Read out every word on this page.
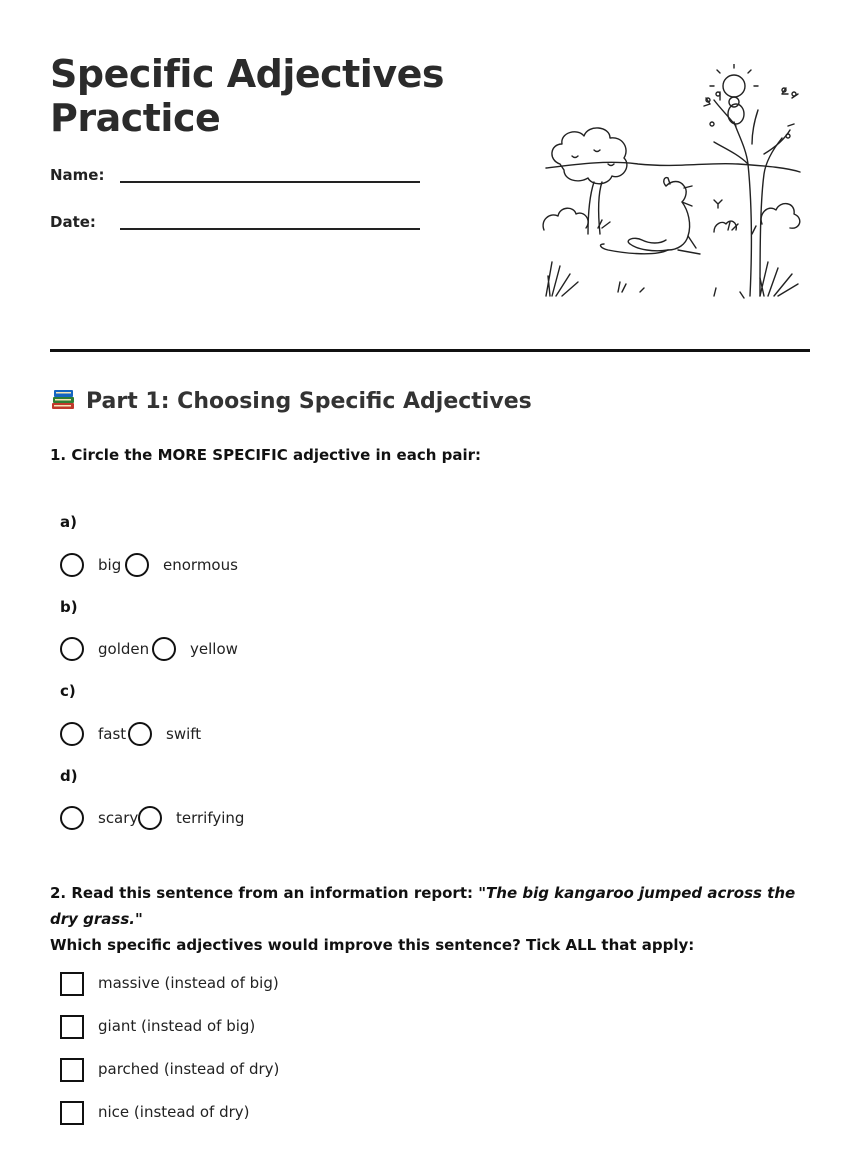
Specific Adjectives
Practice
Name:
Date:
Part 1: Choosing Specific Adjectives
1. Circle the MORE SPECIFIC adjective in each pair:
a)
big	enormous
b)
golden	yellow
c)
fast	swift
d)
scary	terrifying
2. Read this sentence from an information report: "The big kangaroo jumped across the dry grass."
Which specific adjectives would improve this sentence? Tick ALL that apply:
massive (instead of big)
giant (instead of big)
parched (instead of dry)
nice (instead of dry)
